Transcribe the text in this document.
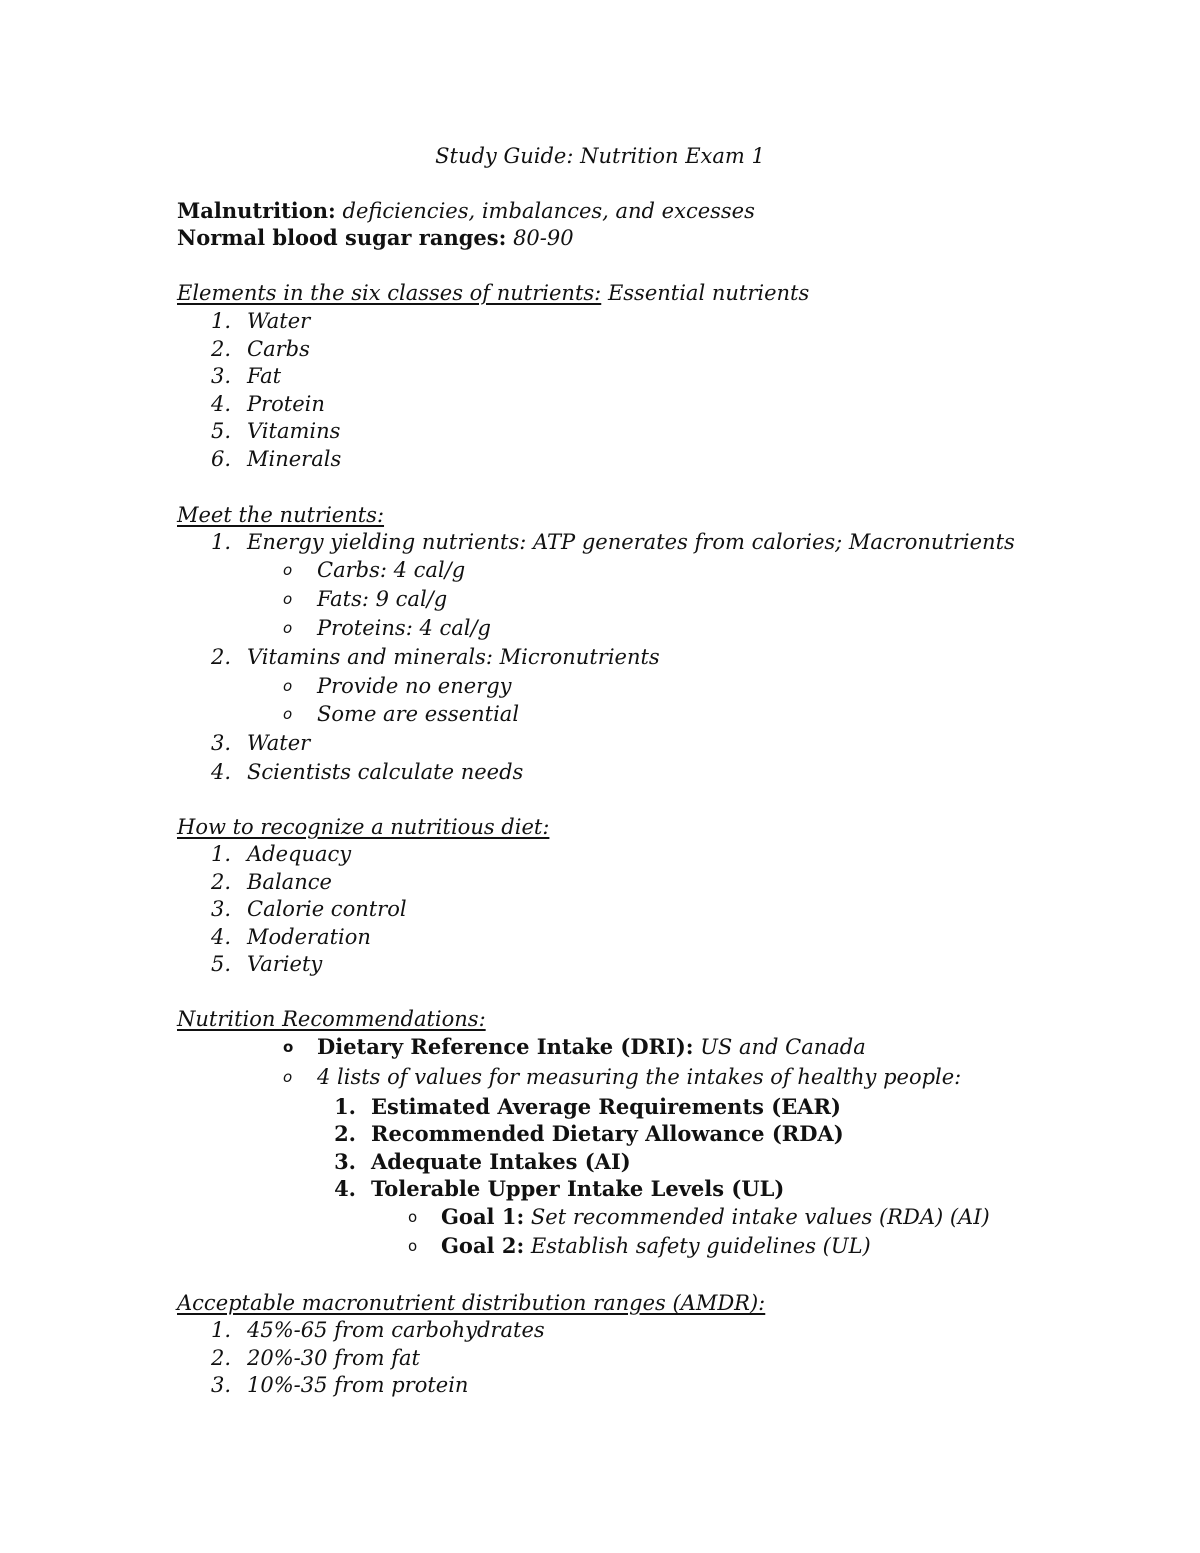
Study Guide: Nutrition Exam 1
Malnutrition: deficiencies, imbalances, and excesses
Normal blood sugar ranges: 80-90
Elements in the six classes of nutrients: Essential nutrients
1. Water
2. Carbs
3. Fat
4. Protein
5. Vitamins
6. Minerals
Meet the nutrients:
1. Energy yielding nutrients: ATP generates from calories; Macronutrients
o Carbs: 4 cal/g
o Fats: 9 cal/g
o Proteins: 4 cal/g
2. Vitamins and minerals: Micronutrients
o Provide no energy
o Some are essential
3. Water
4. Scientists calculate needs
How to recognize a nutritious diet:
1. Adequacy
2. Balance
3. Calorie control
4. Moderation
5. Variety
Nutrition Recommendations:
o Dietary Reference Intake (DRI): US and Canada
o 4 lists of values for measuring the intakes of healthy people:
1. Estimated Average Requirements (EAR)
2. Recommended Dietary Allowance (RDA)
3. Adequate Intakes (AI)
4. Tolerable Upper Intake Levels (UL)
o Goal 1: Set recommended intake values (RDA) (AI)
o Goal 2: Establish safety guidelines (UL)
Acceptable macronutrient distribution ranges (AMDR):
1. 45%-65 from carbohydrates
2. 20%-30 from fat
3. 10%-35 from protein
